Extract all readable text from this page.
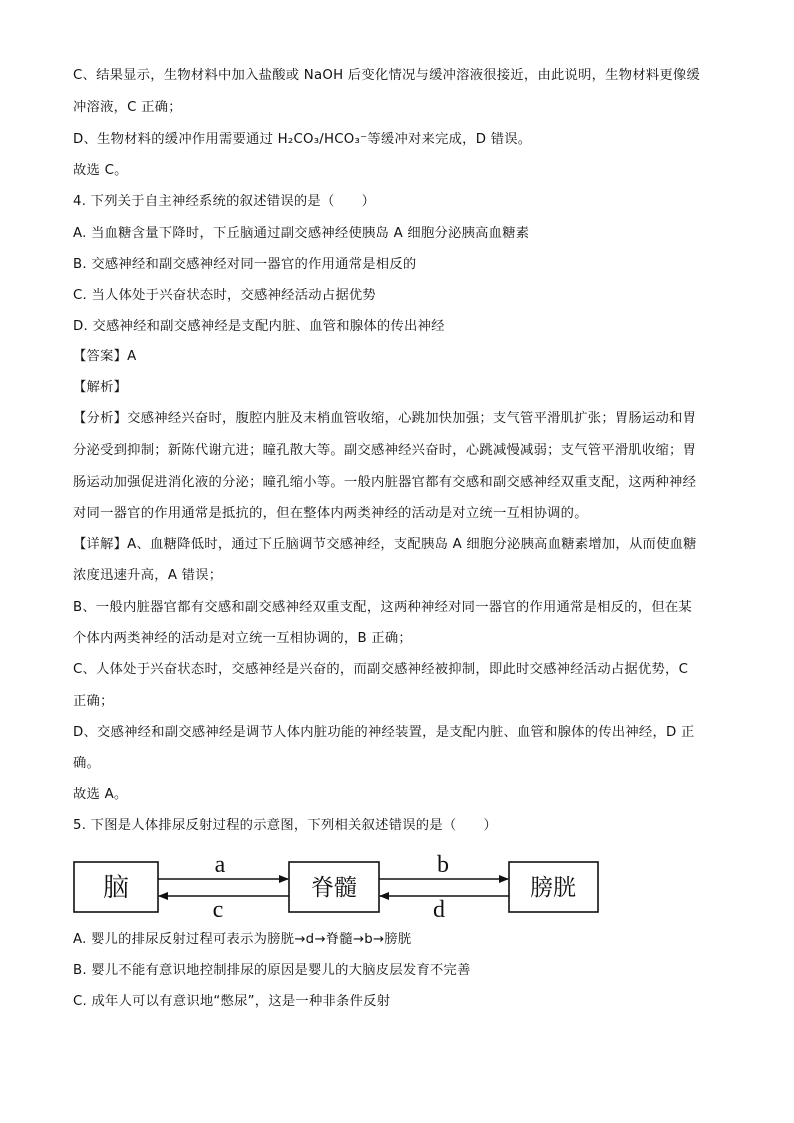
C、结果显示，生物材料中加入盐酸或 NaOH 后变化情况与缓冲溶液很接近，由此说明，生物材料更像缓
冲溶液，C 正确；
D、生物材料的缓冲作用需要通过 H₂CO₃/HCO₃⁻等缓冲对来完成，D 错误。
故选 C。
4. 下列关于自主神经系统的叙述错误的是（　　）
A. 当血糖含量下降时，下丘脑通过副交感神经使胰岛 A 细胞分泌胰高血糖素
B. 交感神经和副交感神经对同一器官的作用通常是相反的
C. 当人体处于兴奋状态时，交感神经活动占据优势
D. 交感神经和副交感神经是支配内脏、血管和腺体的传出神经
【答案】A
【解析】
【分析】交感神经兴奋时，腹腔内脏及末梢血管收缩，心跳加快加强；支气管平滑肌扩张；胃肠运动和胃
分泌受到抑制；新陈代谢亢进；瞳孔散大等。副交感神经兴奋时，心跳减慢减弱；支气管平滑肌收缩；胃
肠运动加强促进消化液的分泌；瞳孔缩小等。一般内脏器官都有交感和副交感神经双重支配，这两种神经
对同一器官的作用通常是抵抗的，但在整体内两类神经的活动是对立统一互相协调的。
【详解】A、血糖降低时，通过下丘脑调节交感神经，支配胰岛 A 细胞分泌胰高血糖素增加，从而使血糖
浓度迅速升高，A 错误；
B、一般内脏器官都有交感和副交感神经双重支配，这两种神经对同一器官的作用通常是相反的，但在某
个体内两类神经的活动是对立统一互相协调的，B 正确；
C、人体处于兴奋状态时，交感神经是兴奋的，而副交感神经被抑制，即此时交感神经活动占据优势，C
正确；
D、交感神经和副交感神经是调节人体内脏功能的神经装置，是支配内脏、血管和腺体的传出神经，D 正
确。
故选 A。
5. 下图是人体排尿反射过程的示意图，下列相关叙述错误的是（　　）
脑	脊髓	膀胱
a
c
b
d
A. 婴儿的排尿反射过程可表示为膀胱→d→脊髓→b→膀胱
B. 婴儿不能有意识地控制排尿的原因是婴儿的大脑皮层发育不完善
C. 成年人可以有意识地“憋尿”，这是一种非条件反射
